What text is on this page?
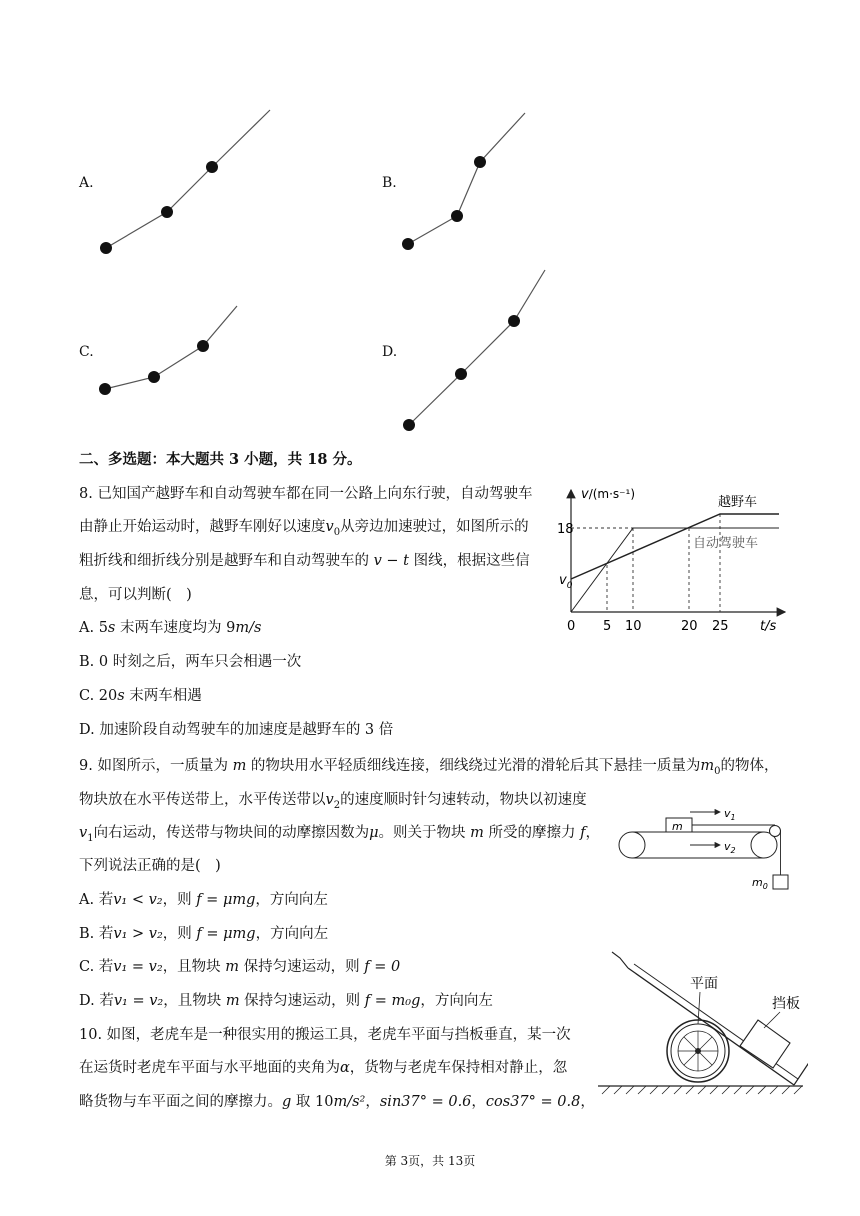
A.	B.
C.	D.
二、多选题：本大题共 3 小题，共 18 分。
8. 已知国产越野车和自动驾驶车都在同一公路上向东行驶，自动驾驶车
由静止开始运动时，越野车刚好以速度$v_0$从旁边加速驶过，如图所示的
粗折线和细折线分别是越野车和自动驾驶车的 v − t 图线，根据这些信
息，可以判断(　)
A. 5s 末两车速度均为 9m/s
B. 0 时刻之后，两车只会相遇一次
C. 20s 末两车相遇
D. 加速阶段自动驾驶车的加速度是越野车的 3 倍
v/(m·s⁻¹)
18
$v_0$
0 5 10	20 25 t/s
越野车
自动驾驶车
9. 如图所示，一质量为 m 的物块用水平轻质细线连接，细线绕过光滑的滑轮后其下悬挂一质量为$m_0$的物体，
物块放在水平传送带上，水平传送带以$v_2$的速度顺时针匀速转动，物块以初速度
$v_1$向右运动，传送带与物块间的动摩擦因数为μ。则关于物块 m 所受的摩擦力 f，
下列说法正确的是(　)
A. 若v₁ < v₂，则 f = μmg，方向向左
B. 若v₁ > v₂，则 f = μmg，方向向左
C. 若v₁ = v₂，且物块 m 保持匀速运动，则 f = 0
D. 若v₁ = v₂，且物块 m 保持匀速运动，则 f = m₀g，方向向左
m
$m_0$
$v_1$
$v_2$
10. 如图，老虎车是一种很实用的搬运工具，老虎车平面与挡板垂直，某一次
在运货时老虎车平面与水平地面的夹角为α，货物与老虎车保持相对静止，忽
略货物与车平面之间的摩擦力。g 取 10m/s²，sin37° = 0.6，cos37° = 0.8，
平面
挡板
第 3页，共 13页
